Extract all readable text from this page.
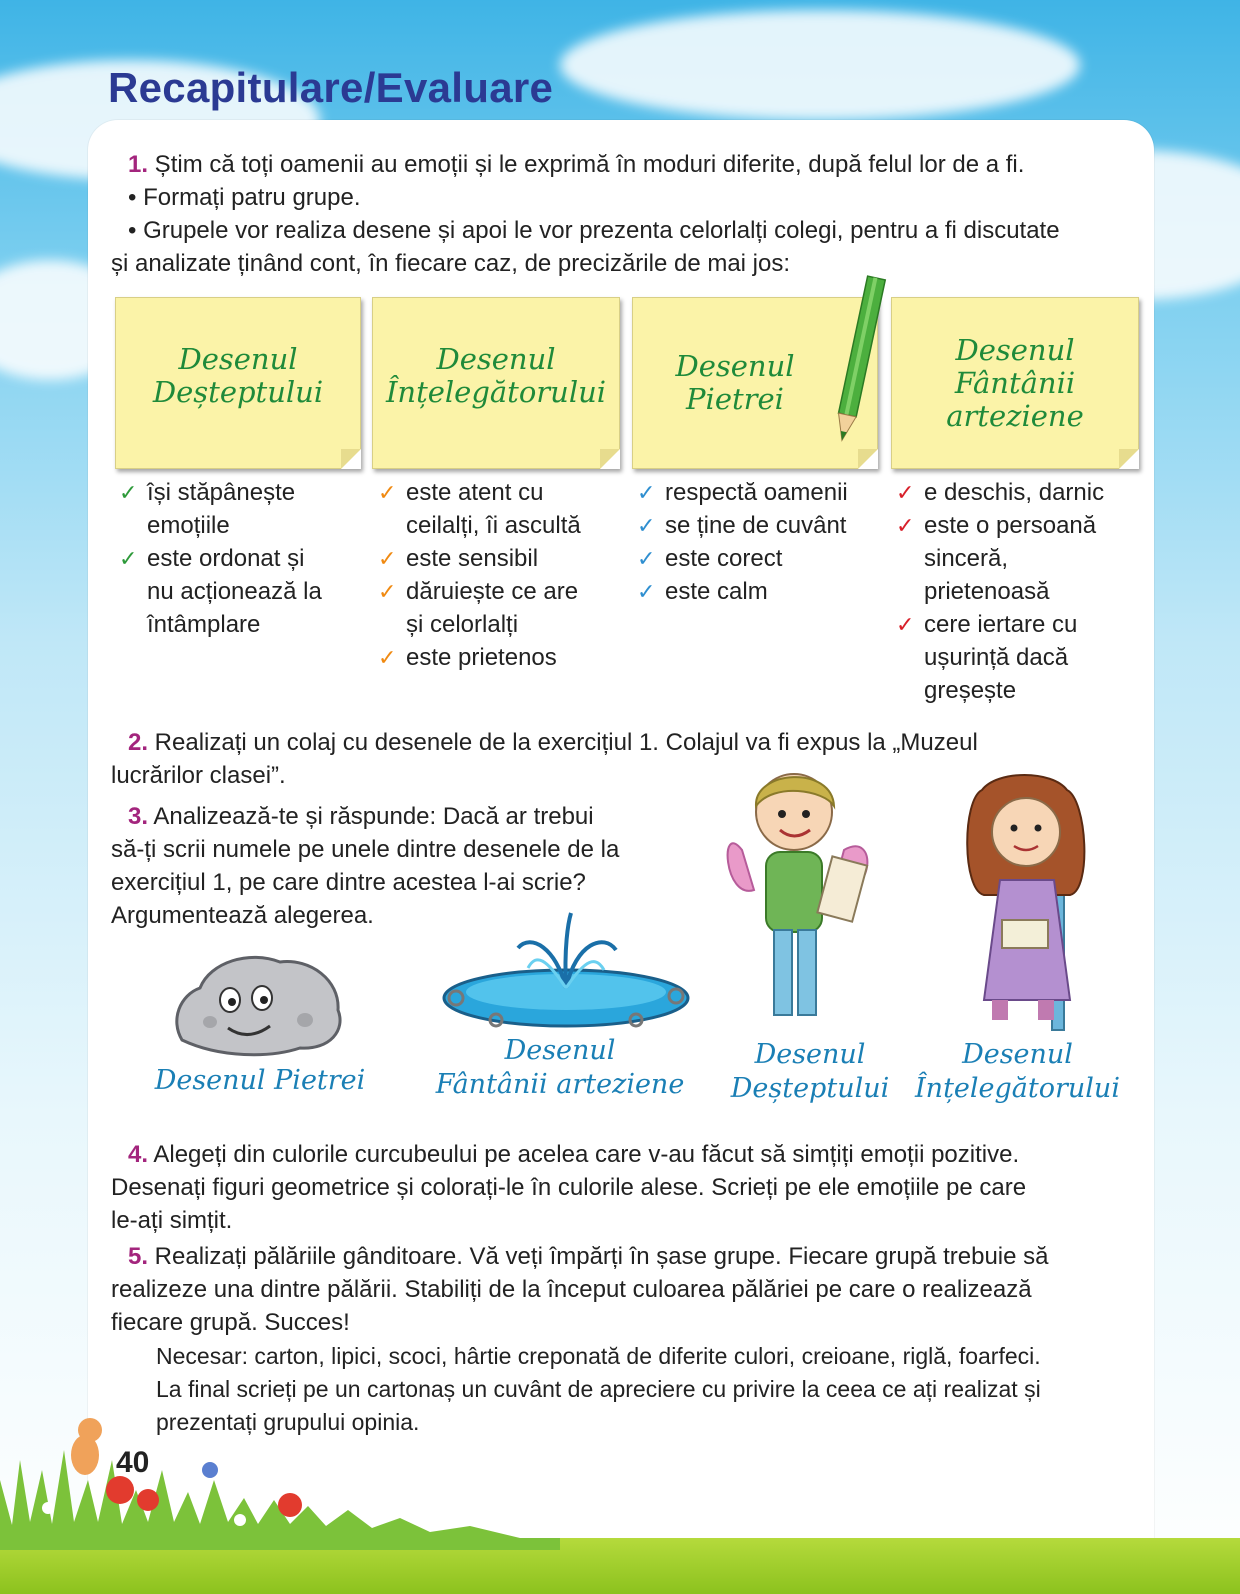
Recapitulare/Evaluare
1. Știm că toți oamenii au emoții și le exprimă în moduri diferite, după felul lor de a fi.
• Formați patru grupe.
• Grupele vor realiza desene și apoi le vor prezenta celorlalți colegi, pentru a fi discutate
și analizate ținând cont, în fiecare caz, de precizările de mai jos:
Desenul
Deșteptului
Desenul
Înțelegătorului
Desenul
Pietrei
Desenul
Fântânii
arteziene
✓ își stăpânește
emoțiile
✓ este ordonat și
nu acționează la
întâmplare
✓ este atent cu
ceilalți, îi ascultă
✓ este sensibil
✓ dăruiește ce are
și celorlalți
✓ este prietenos
✓ respectă oamenii
✓ se ține de cuvânt
✓ este corect
✓ este calm
✓ e deschis, darnic
✓ este o persoană
sinceră,
prietenoasă
✓ cere iertare cu
ușurință dacă
greșește
2. Realizați un colaj cu desenele de la exercițiul 1. Colajul va fi expus la „Muzeul
lucrărilor clasei”.
3. Analizează-te și răspunde: Dacă ar trebui
să-ți scrii numele pe unele dintre desenele de la
exercițiul 1, pe care dintre acestea l-ai scrie?
Argumentează alegerea.
Desenul Pietrei
Desenul
Fântânii arteziene
Desenul
Deșteptului
Desenul
Înțelegătorului
4. Alegeți din culorile curcubeului pe acelea care v-au făcut să simțiți emoții pozitive.
Desenați figuri geometrice și colorați-le în culorile alese. Scrieți pe ele emoțiile pe care
le-ați simțit.
5. Realizați pălăriile gânditoare. Vă veți împărți în șase grupe. Fiecare grupă trebuie să
realizeze una dintre pălării. Stabiliți de la început culoarea pălăriei pe care o realizează
fiecare grupă. Succes!
Necesar: carton, lipici, scoci, hârtie creponată de diferite culori, creioane, riglă, foarfeci.
La final scrieți pe un cartonaș un cuvânt de apreciere cu privire la ceea ce ați realizat și
prezentați grupului opinia.
40
